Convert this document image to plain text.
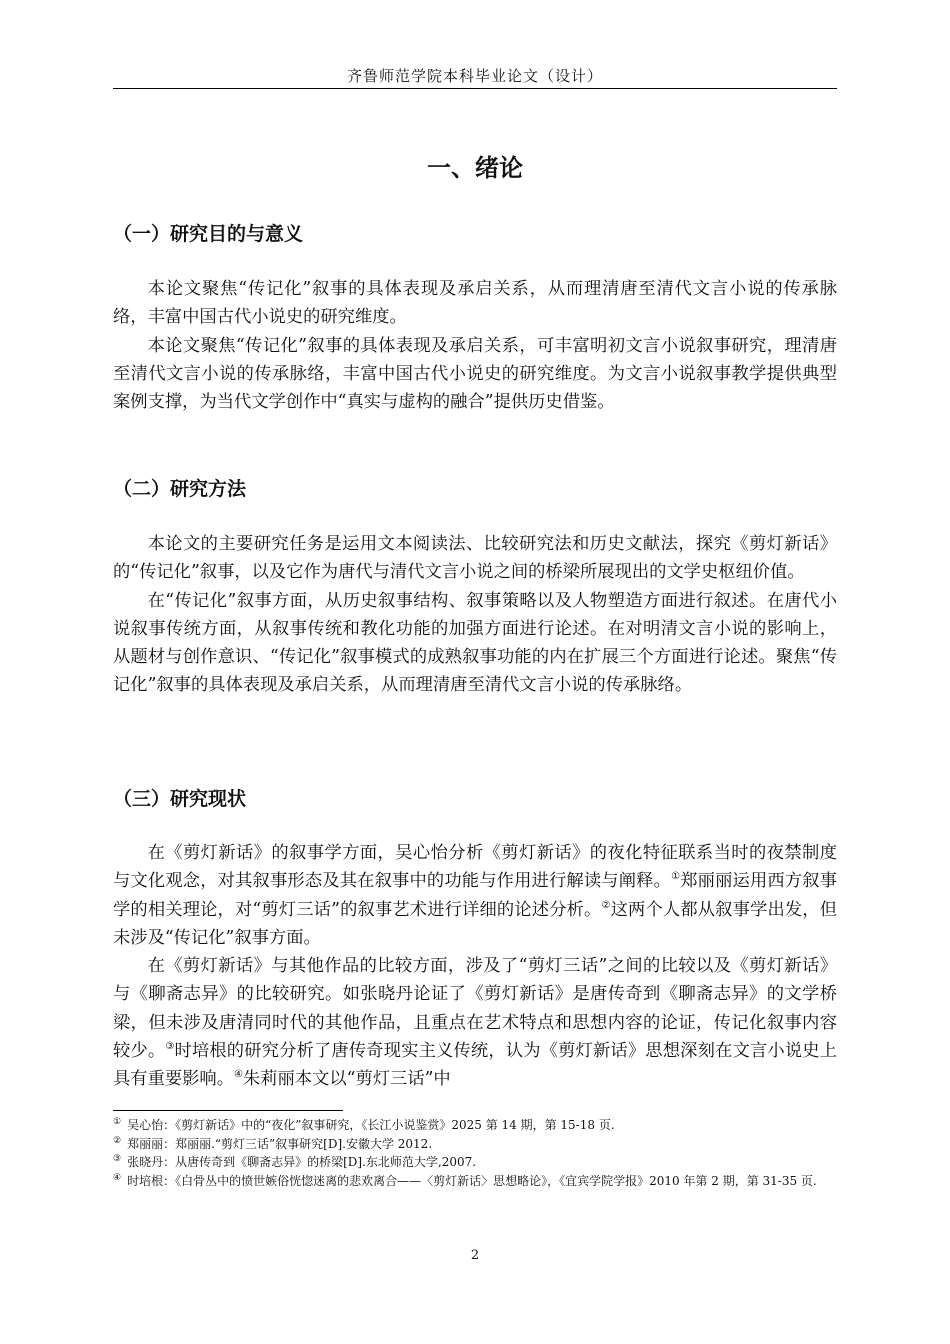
齐鲁师范学院本科毕业论文（设计）
一、绪论
（一）研究目的与意义

本论文聚焦“传记化”叙事的具体表现及承启关系，从而理清唐至清代文言小说的传承脉络，丰富中国古代小说史的研究维度。

本论文聚焦“传记化”叙事的具体表现及承启关系，可丰富明初文言小说叙事研究，理清唐至清代文言小说的传承脉络，丰富中国古代小说史的研究维度。为文言小说叙事教学提供典型案例支撑，为当代文学创作中“真实与虚构的融合”提供历史借鉴。

（二）研究方法

本论文的主要研究任务是运用文本阅读法、比较研究法和历史文献法，探究《剪灯新话》的“传记化”叙事，以及它作为唐代与清代文言小说之间的桥梁所展现出的文学史枢纽价值。

在“传记化”叙事方面，从历史叙事结构、叙事策略以及人物塑造方面进行叙述。在唐代小说叙事传统方面，从叙事传统和教化功能的加强方面进行论述。在对明清文言小说的影响上，从题材与创作意识、“传记化”叙事模式的成熟叙事功能的内在扩展三个方面进行论述。聚焦“传记化”叙事的具体表现及承启关系，从而理清唐至清代文言小说的传承脉络。

（三）研究现状

在《剪灯新话》的叙事学方面，吴心怡分析《剪灯新话》的夜化特征联系当时的夜禁制度与文化观念，对其叙事形态及其在叙事中的功能与作用进行解读与阐释。①郑丽丽运用西方叙事学的相关理论，对“剪灯三话”的叙事艺术进行详细的论述分析。②这两个人都从叙事学出发，但未涉及“传记化”叙事方面。

在《剪灯新话》与其他作品的比较方面，涉及了“剪灯三话”之间的比较以及《剪灯新话》与《聊斋志异》的比较研究。如张晓丹论证了《剪灯新话》是唐传奇到《聊斋志异》的文学桥梁，但未涉及唐清同时代的其他作品，且重点在艺术特点和思想内容的论证，传记化叙事内容较少。③时培根的研究分析了唐传奇现实主义传统，认为《剪灯新话》思想深刻在文言小说史上具有重要影响。④朱莉丽本文以“剪灯三话”中

① 吴心怡：《剪灯新话》中的“夜化”叙事研究，《长江小说鉴赏》2025 第 14 期，第 15-18 页.

② 郑丽丽：郑丽丽.“剪灯三话”叙事研究[D].安徽大学 2012.

③ 张晓丹：从唐传奇到《聊斋志异》的桥梁[D].东北师范大学,2007.

④ 时培根：《白骨丛中的愤世嫉俗恍惚迷离的悲欢离合——〈剪灯新话〉思想略论》，《宜宾学院学报》2010 年第 2 期，第 31-35 页.

2
